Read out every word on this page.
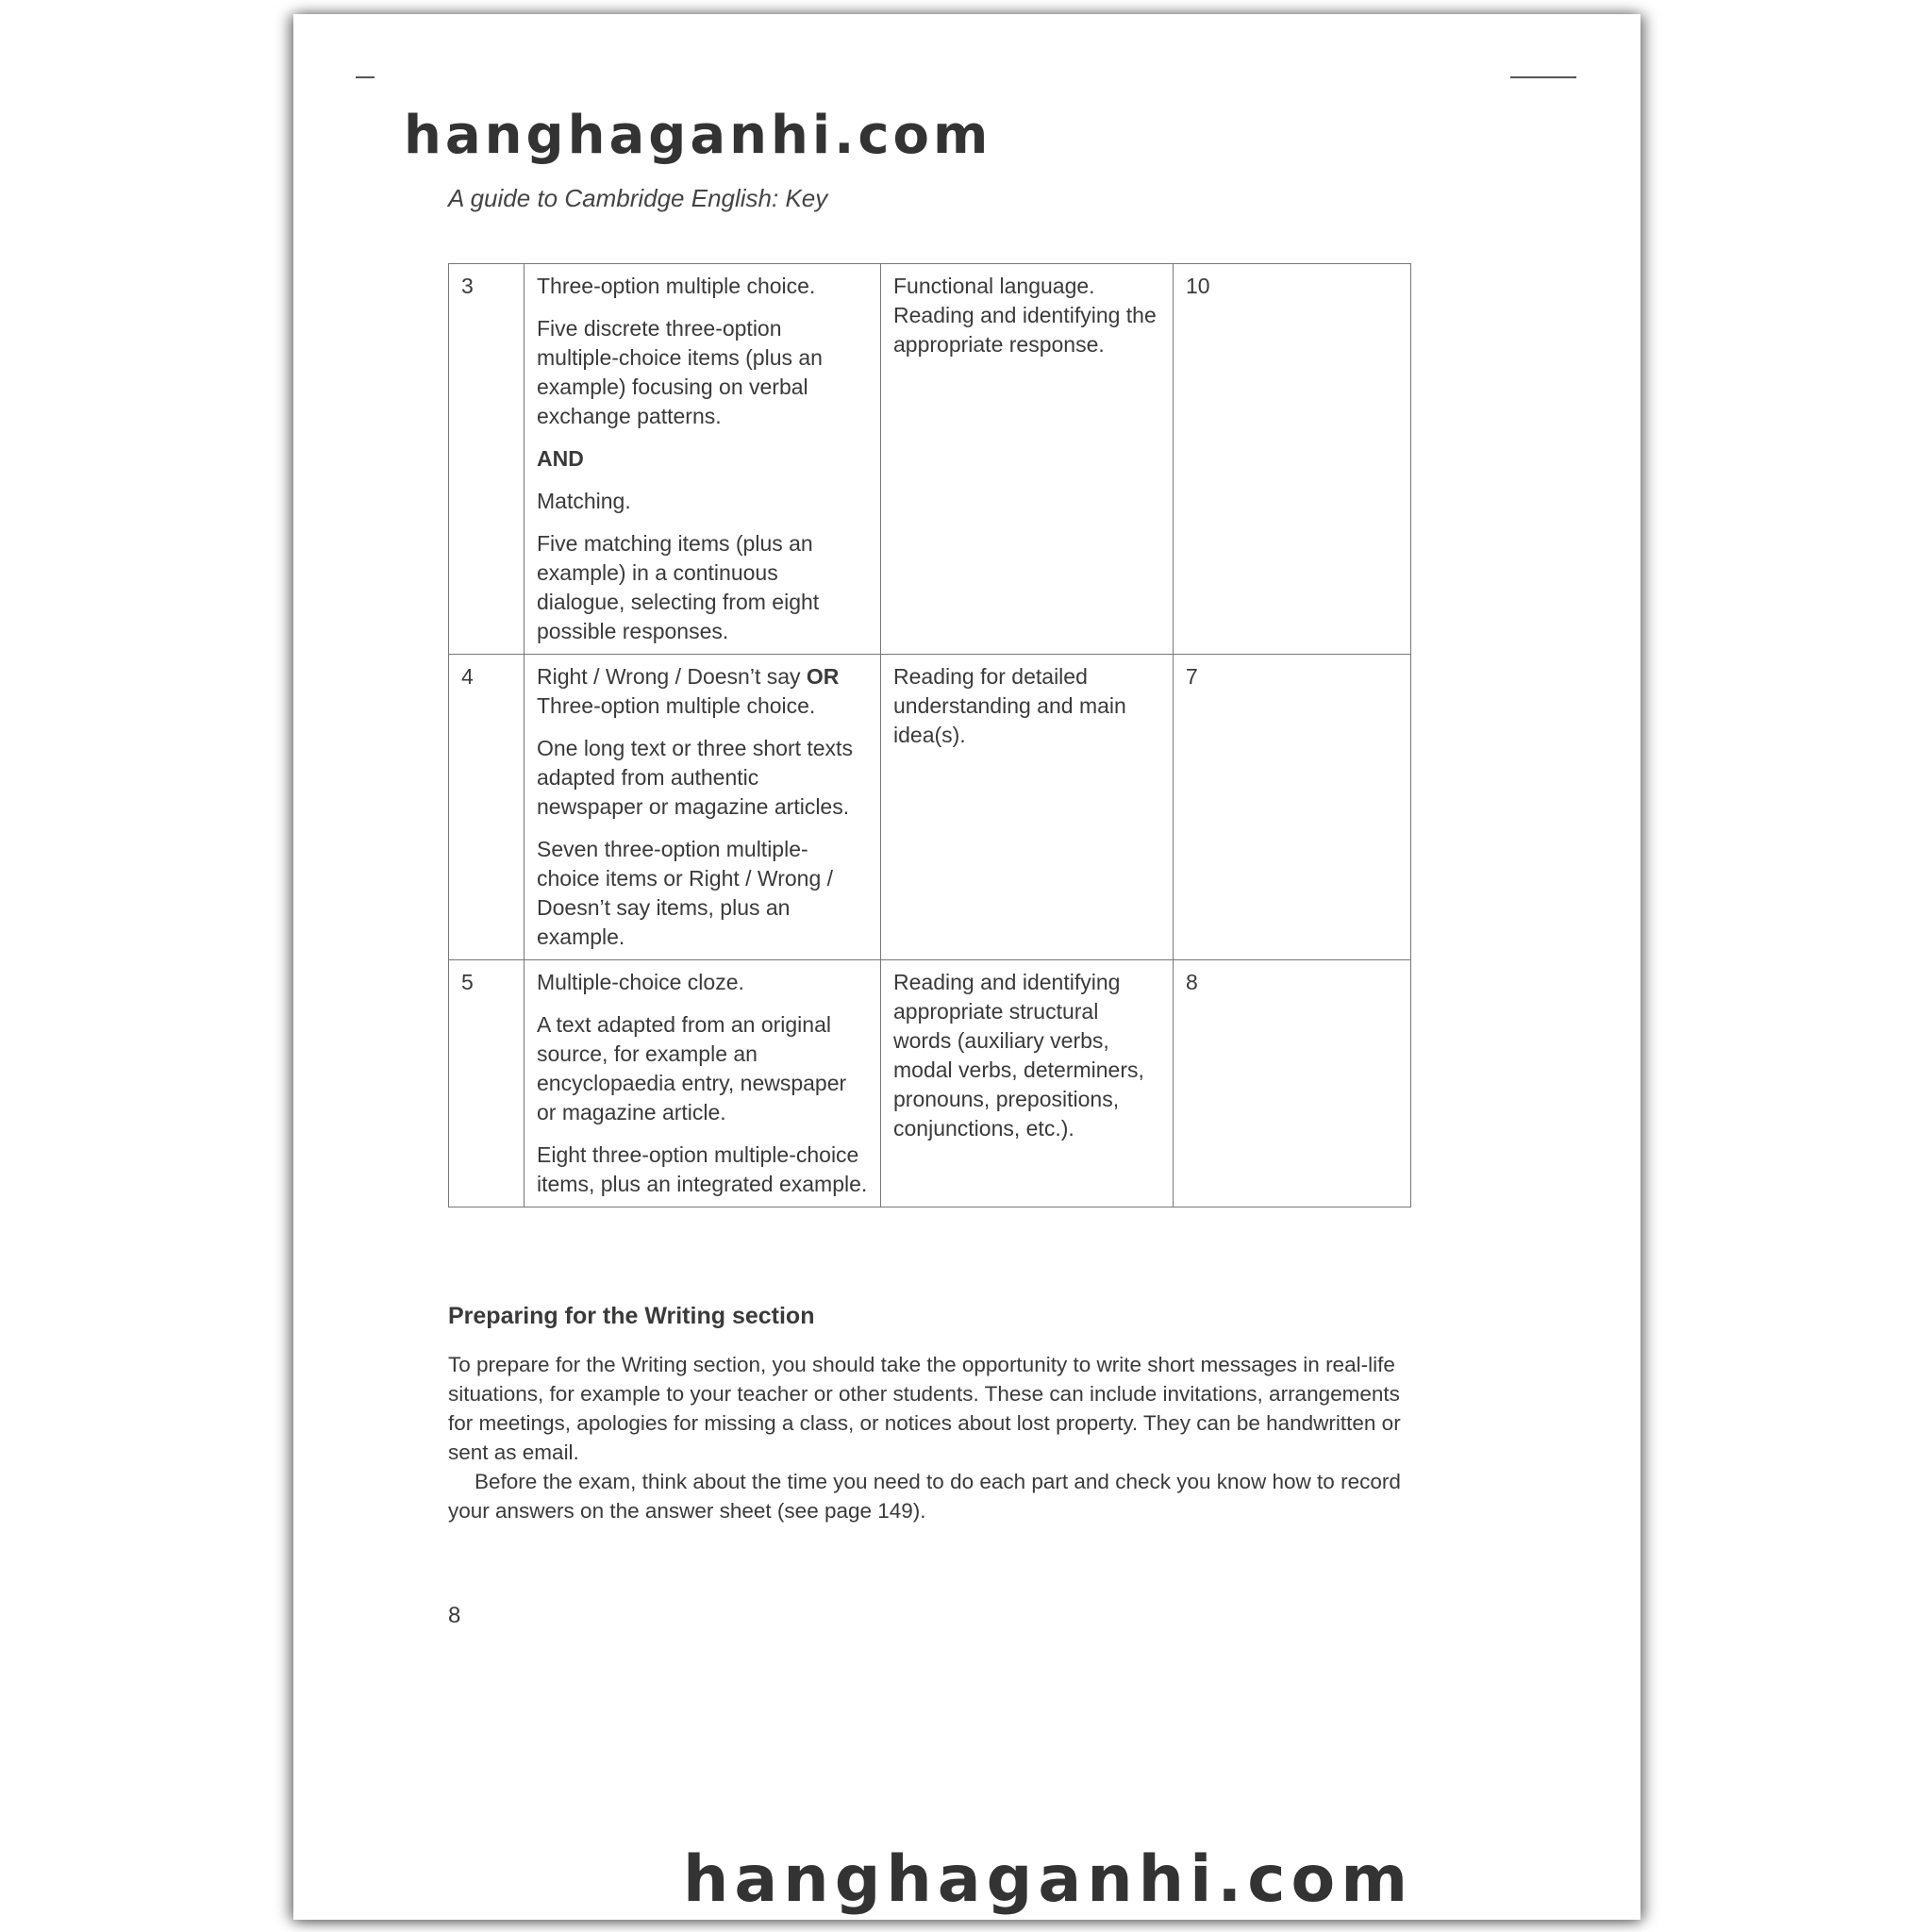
hanghaganhi.com
A guide to Cambridge English: Key
3	Three-option multiple choice.

Five discrete three-option multiple-choice items (plus an example) focusing on verbal exchange patterns.

AND

Matching.

Five matching items (plus an example) in a continuous dialogue, selecting from eight possible responses.	Functional language. Reading and identifying the appropriate response.	10
4	Right / Wrong / Doesn’t say OR
Three-option multiple choice.

One long text or three short texts adapted from authentic newspaper or magazine articles.

Seven three-option multiple-choice items or Right / Wrong / Doesn’t say items, plus an example.	Reading for detailed understanding and main idea(s).	7
5	Multiple-choice cloze.

A text adapted from an original source, for example an encyclopaedia entry, newspaper or magazine article.

Eight three-option multiple-choice items, plus an integrated example.	Reading and identifying appropriate structural words (auxiliary verbs, modal verbs, determiners, pronouns, prepositions, conjunctions, etc.).	8
Preparing for the Writing section

To prepare for the Writing section, you should take the opportunity to write short messages in real-life situations, for example to your teacher or other students. These can include invitations, arrangements for meetings, apologies for missing a class, or notices about lost property. They can be handwritten or sent as email.

Before the exam, think about the time you need to do each part and check you know how to record your answers on the answer sheet (see page 149).

8
hanghaganhi.com
